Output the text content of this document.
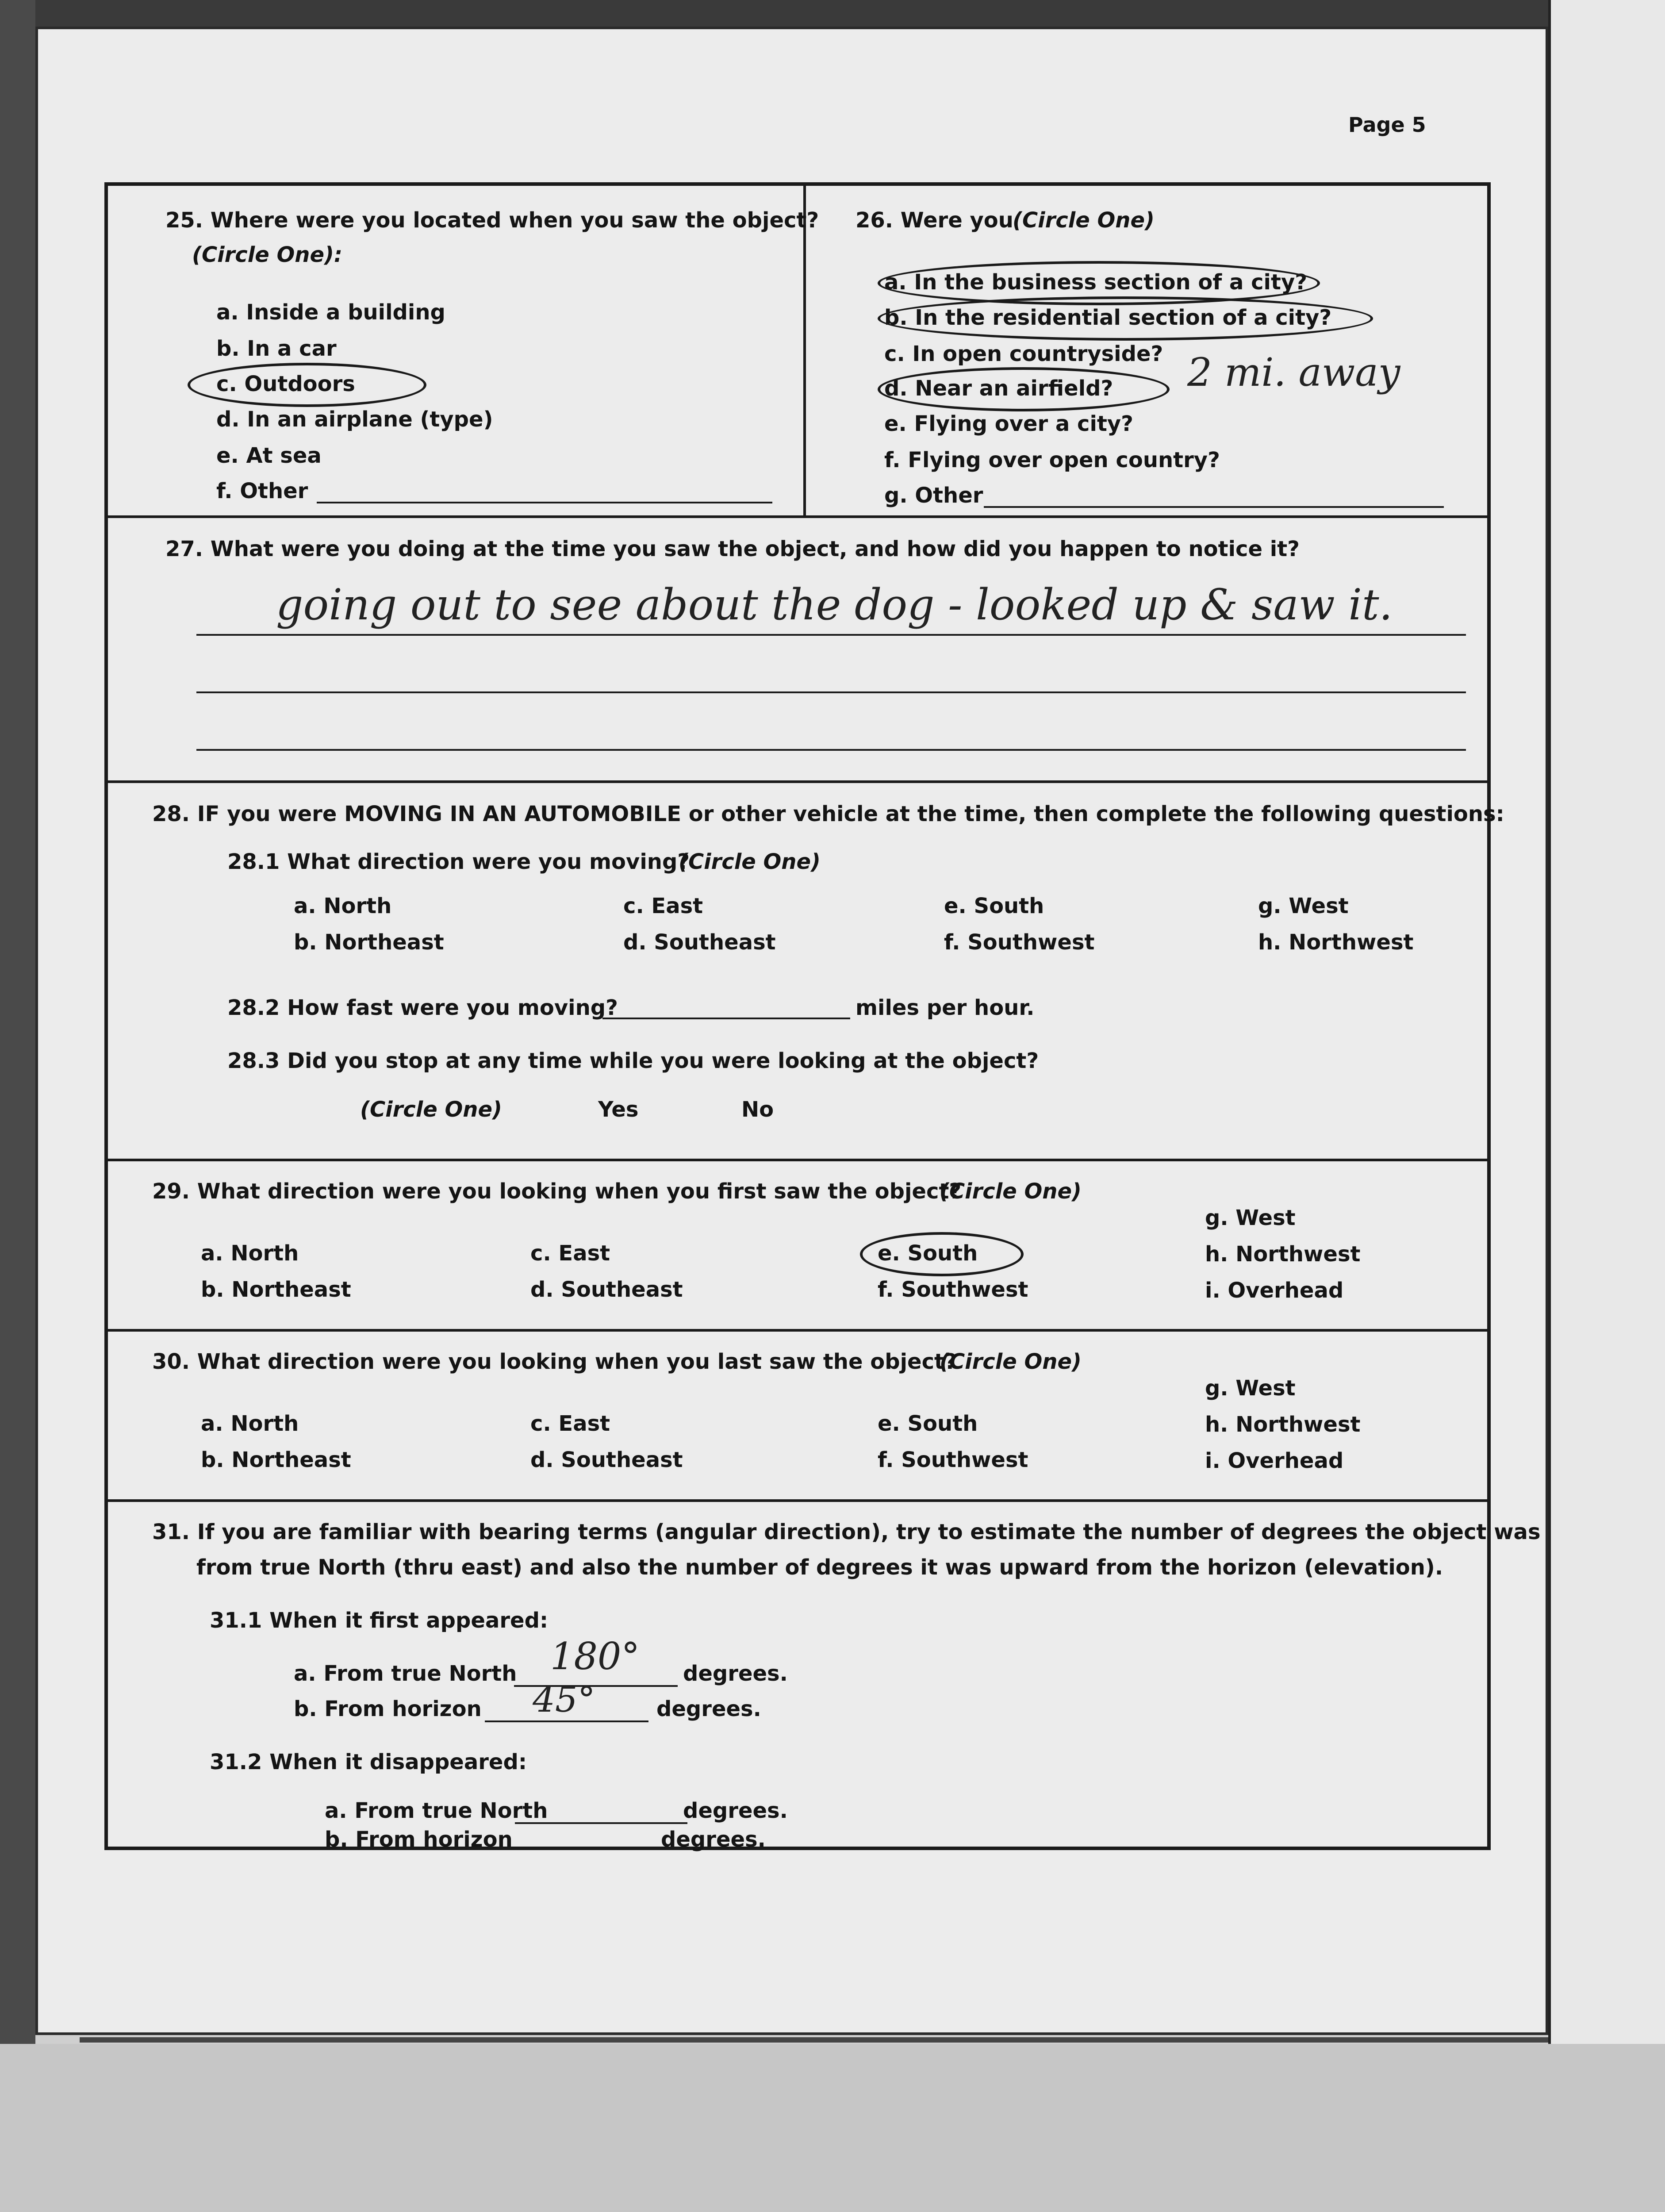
Page 5
25. Where were you located when you saw the object?
(Circle One):
a. Inside a building
b. In a car
c. Outdoors
d. In an airplane (type)
e. At sea
f. Other
26. Were you
(Circle One)
a. In the business section of a city?
b. In the residential section of a city?
c. In open countryside?
d. Near an airfield? 2 mi. away
e. Flying over a city?
f. Flying over open country?
g. Other
27. What were you doing at the time you saw the object, and how did you happen to notice it?
going out to see about the dog - looked up & saw it.
28. IF you were MOVING IN AN AUTOMOBILE or other vehicle at the time, then complete the following questions:
28.1 What direction were you moving?
(Circle One)
a. North
b. Northeast
c. East
d. Southeast
e. South
f. Southwest
g. West
h. Northwest
28.2 How fast were you moving?	miles per hour.
28.3 Did you stop at any time while you were looking at the object?
(Circle One)	Yes	No
29. What direction were you looking when you first saw the object?
(Circle One)
a. North
b. Northeast
c. East
d. Southeast
e. South
f. Southwest
g. West
h. Northwest
i. Overhead
30. What direction were you looking when you last saw the object?
(Circle One)
a. North
b. Northeast
c. East
d. Southeast
e. South
f. Southwest
g. West
h. Northwest
i. Overhead
31. If you are familiar with bearing terms (angular direction), try to estimate the number of degrees the object was
from true North (thru east) and also the number of degrees it was upward from the horizon (elevation).
31.1 When it first appeared:
a. From true North 180° degrees.
b. From horizon 45°	degrees.
31.2 When it disappeared:
a. From true North	degrees.
b. From horizon	degrees.
